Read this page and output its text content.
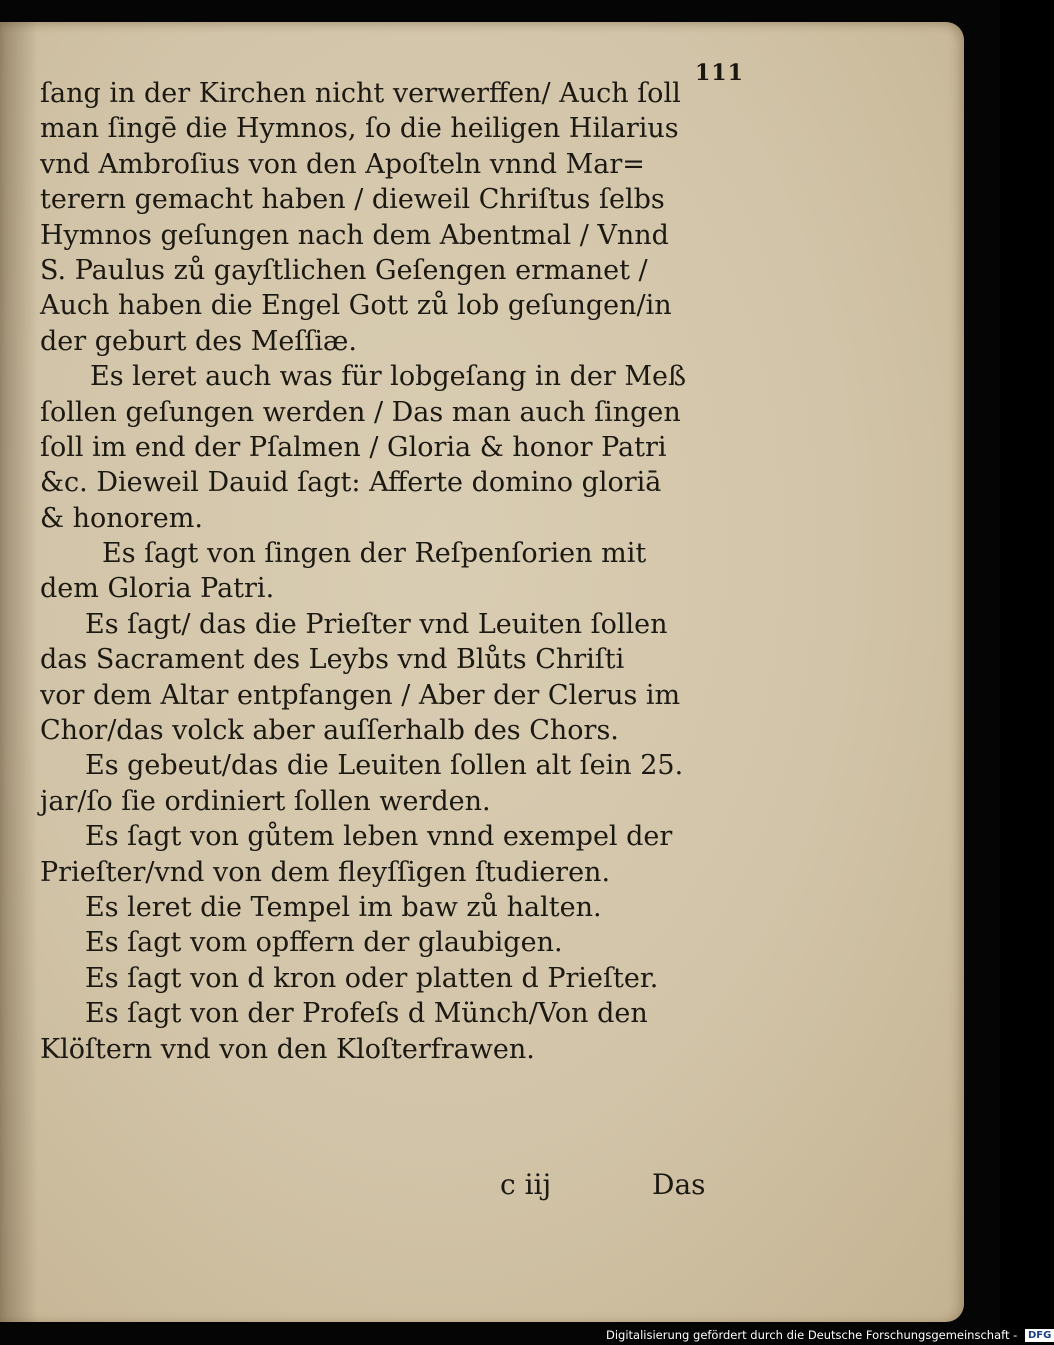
111
ſang in der Kirchen nicht verwerffen/ Auch ſoll
man ſingē die Hymnos, ſo die heiligen Hilarius
vnd Ambroſius von den Apoſteln vnnd Mar=
terern gemacht haben / dieweil Chriſtus ſelbs
Hymnos geſungen nach dem Abentmal / Vnnd
S. Paulus zů gayſtlichen Geſengen ermanet /
Auch haben die Engel Gott zů lob geſungen/in
der geburt des Meſſiæ.
Es leret auch was für lobgeſang in der Meß
ſollen geſungen werden / Das man auch ſingen
ſoll im end der Pſalmen / Gloria & honor Patri
&c. Dieweil Dauid ſagt: Afferte domino gloriā
& honorem.
Es ſagt von ſingen der Reſpenſorien mit
dem Gloria Patri.
Es ſagt/ das die Prieſter vnd Leuiten ſollen
das Sacrament des Leybs vnd Blůts Chriſti
vor dem Altar entpfangen / Aber der Clerus im
Chor/das volck aber auſſerhalb des Chors.
Es gebeut/das die Leuiten ſollen alt ſein 25.
jar/ſo ſie ordiniert ſollen werden.
Es ſagt von gůtem leben vnnd exempel der
Prieſter/vnd von dem fleyſſigen ſtudieren.
Es leret die Tempel im baw zů halten.
Es ſagt vom opffern der glaubigen.
Es ſagt von d kron oder platten d Prieſter.
Es ſagt von der Profeſs d Münch/Von den
Klöſtern vnd von den Kloſterfrawen.
c iij	Das
Digitalisierung gefördert durch die Deutsche Forschungsgemeinschaft - DFG
